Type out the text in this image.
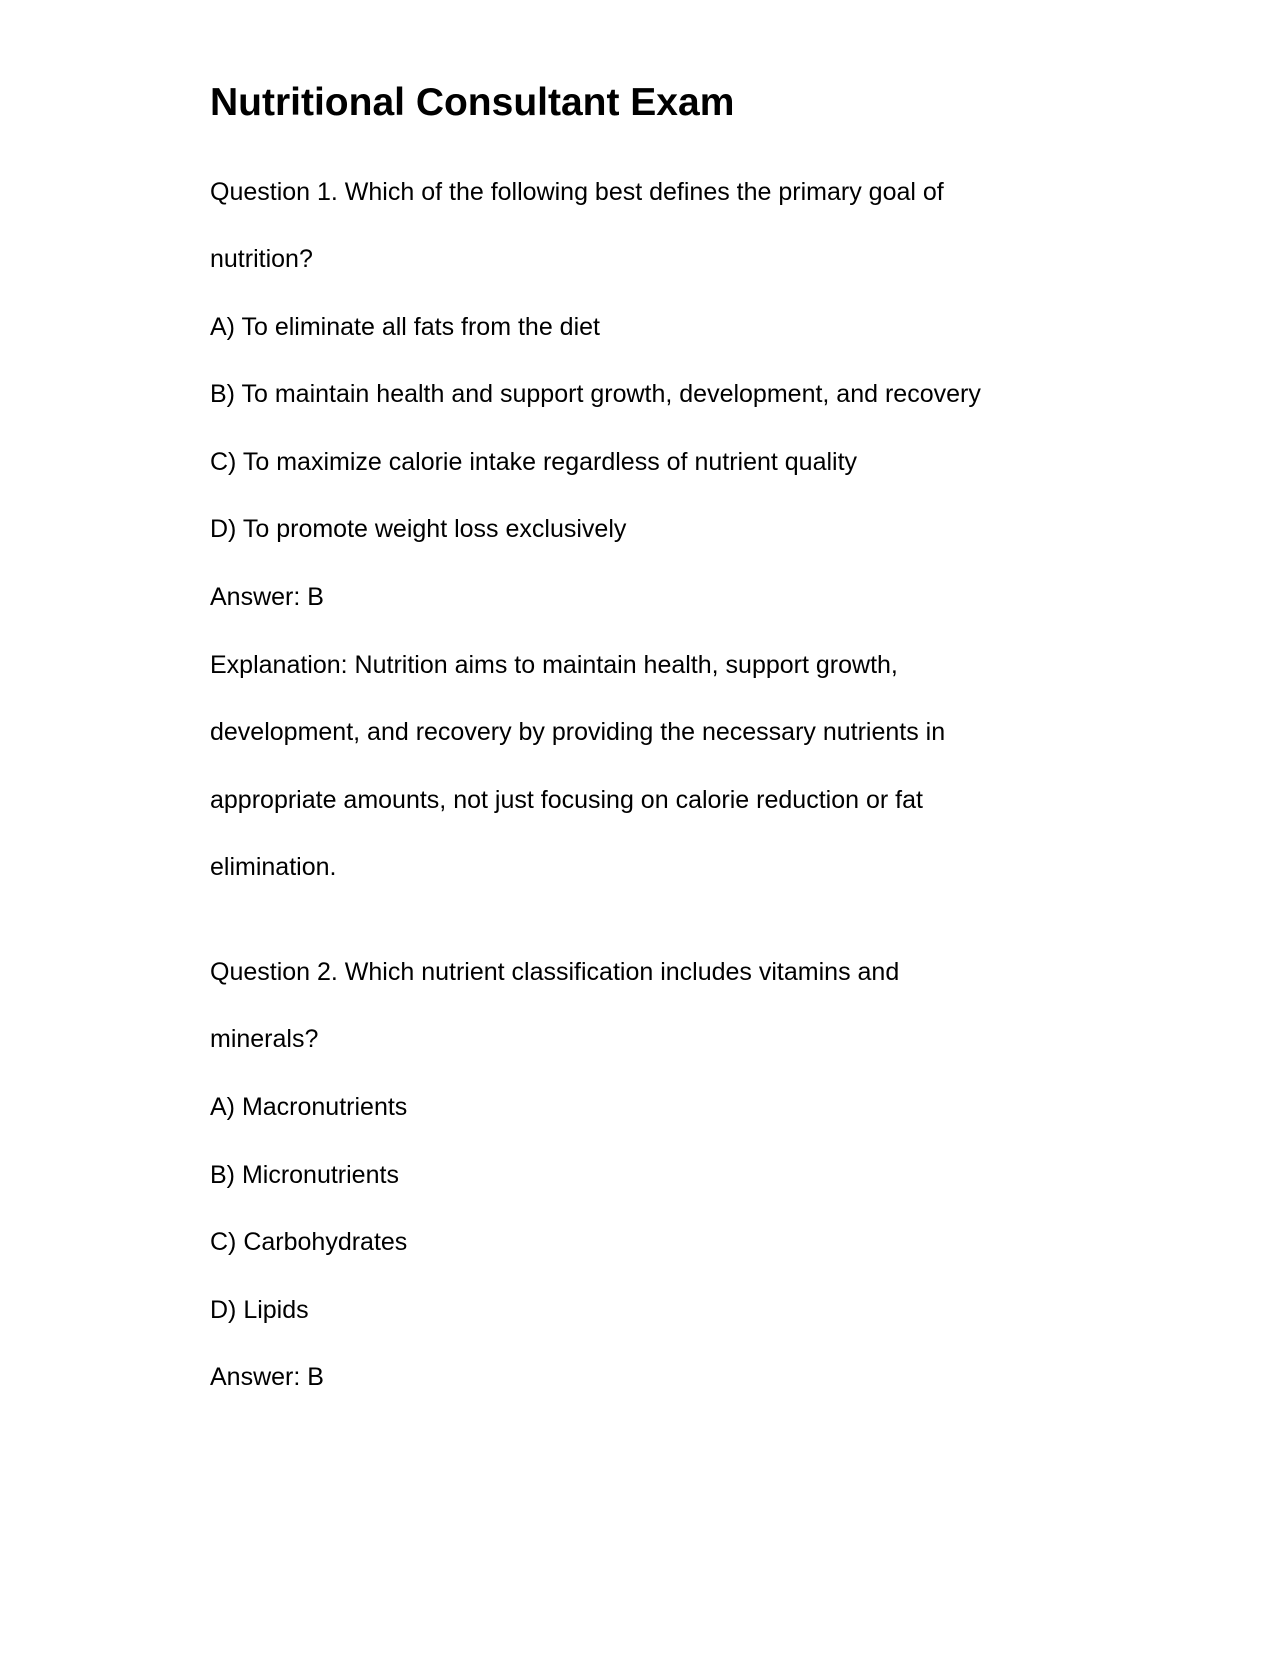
Nutritional Consultant Exam

Question 1. Which of the following best defines the primary goal of

nutrition?

A) To eliminate all fats from the diet

B) To maintain health and support growth, development, and recovery

C) To maximize calorie intake regardless of nutrient quality

D) To promote weight loss exclusively

Answer: B

Explanation: Nutrition aims to maintain health, support growth,

development, and recovery by providing the necessary nutrients in

appropriate amounts, not just focusing on calorie reduction or fat

elimination.

Question 2. Which nutrient classification includes vitamins and

minerals?

A) Macronutrients

B) Micronutrients

C) Carbohydrates

D) Lipids

Answer: B
